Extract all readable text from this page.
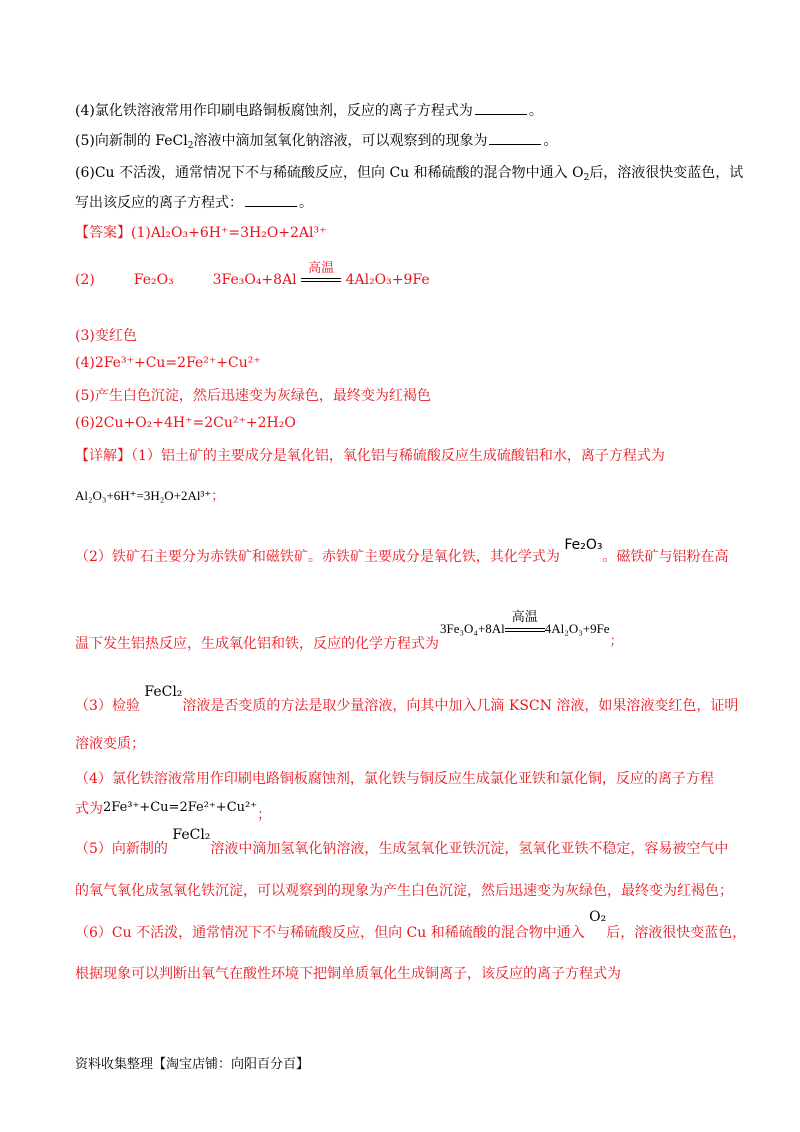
(4)氯化铁溶液常用作印刷电路铜板腐蚀剂，反应的离子方程式为	。
(5)向新制的 FeCl$_2$溶液中滴加氢氧化钠溶液，可以观察到的现象为	。
(6)Cu 不活泼，通常情况下不与稀硫酸反应，但向 Cu 和稀硫酸的混合物中通入 $O_2$后，溶液很快变蓝色，试
写出该反应的离子方程式：	。
【答案】(1)Al₂O₃+6H⁺=3H₂O+2Al³⁺
(2)	Fe₂O₃	3Fe₃O₄+8Al
高温
4Al₂O₃+9Fe
(3)变红色
(4)2Fe³⁺+Cu=2Fe²⁺+Cu²⁺
(5)产生白色沉淀，然后迅速变为灰绿色，最终变为红褐色
(6)2Cu+O₂+4H⁺=2Cu²⁺+2H₂O
【详解】（1）铝土矿的主要成分是氧化铝，氧化铝与稀硫酸反应生成硫酸铝和水，离子方程式为
Al₂O₃+6H⁺=3H₂O+2Al³⁺；
（2）铁矿石主要分为赤铁矿和磁铁矿。赤铁矿主要成分是氧化铁，其化学式为 Fe₂O₃。磁铁矿与铝粉在高
温下发生铝热反应，生成氧化铝和铁，反应的化学方程式为
3Fe₃O₄+8Al
高温
4Al₂O₃+9Fe；
（3）检验 FeCl₂溶液是否变质的方法是取少量溶液，向其中加入几滴 KSCN 溶液，如果溶液变红色，证明
溶液变质；
（4）氯化铁溶液常用作印刷电路铜板腐蚀剂，氯化铁与铜反应生成氯化亚铁和氯化铜，反应的离子方程
式为2Fe³⁺+Cu=2Fe²⁺+Cu²⁺；
（5）向新制的 FeCl₂溶液中滴加氢氧化钠溶液，生成氢氧化亚铁沉淀，氢氧化亚铁不稳定，容易被空气中
的氧气氧化成氢氧化铁沉淀，可以观察到的现象为产生白色沉淀，然后迅速变为灰绿色，最终变为红褐色；
（6）Cu 不活泼，通常情况下不与稀硫酸反应，但向 Cu 和稀硫酸的混合物中通入 O₂后，溶液很快变蓝色，
根据现象可以判断出氧气在酸性环境下把铜单质氧化生成铜离子，该反应的离子方程式为
资料收集整理【淘宝店铺：向阳百分百】
